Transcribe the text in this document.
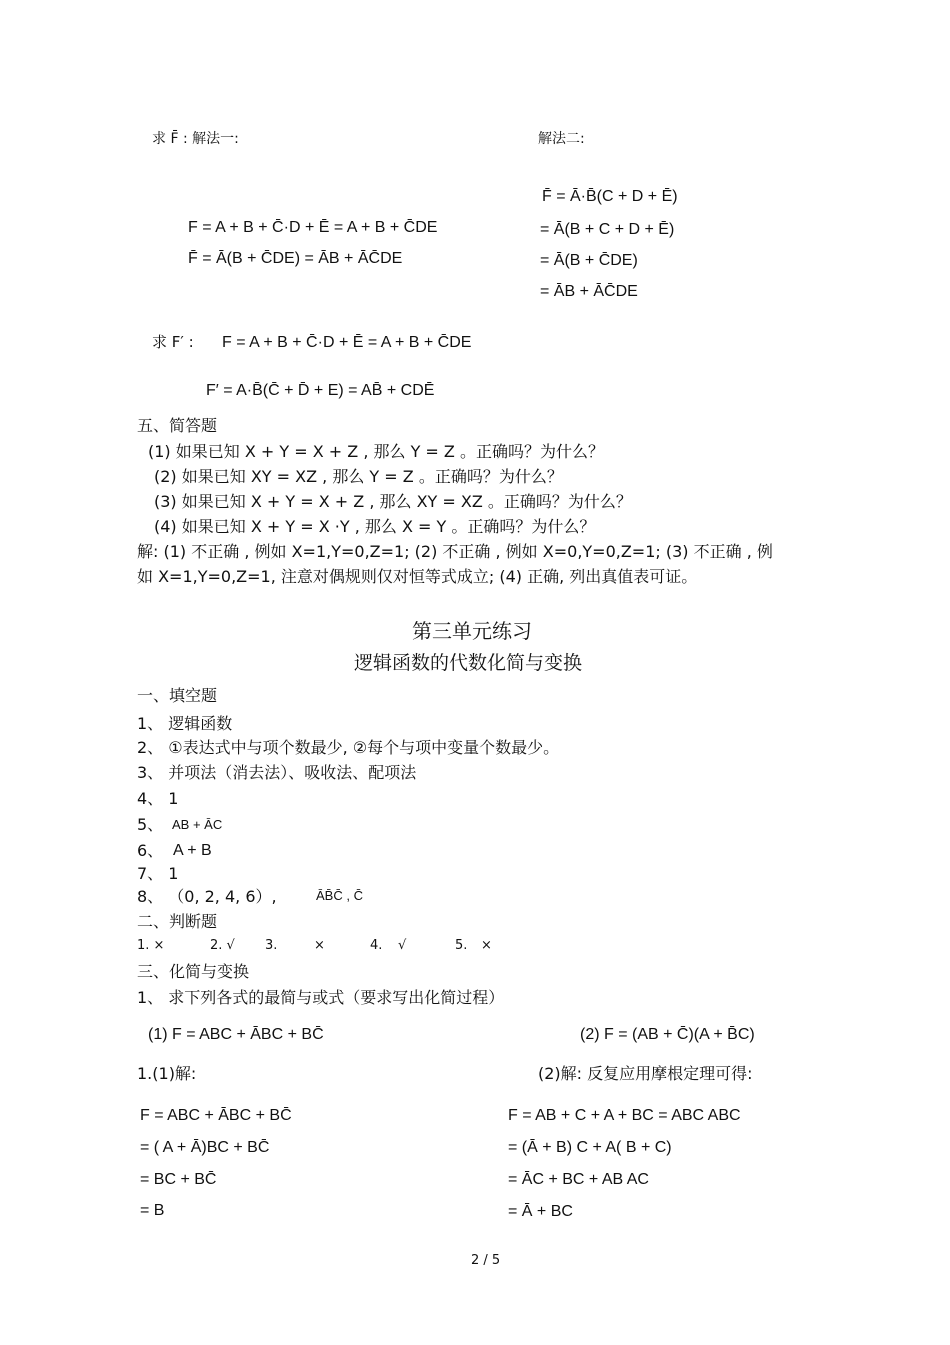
求 F̄ : 解法一:	解法二:
F = A + B + C̄·D + Ē = A + B + C̄DE
F̄ = Ā(B + C̄DE) = ĀB + ĀC̄DE
F̄ = Ā·B̄(C + D + Ē)
= Ā(B + C + D + Ē)
= Ā(B + C̄DE)
= ĀB + ĀC̄DE
求 F′ : F = A + B + C̄·D + Ē = A + B + C̄DE
F′ = A·B̄(C̄ + D̄ + E) = AB̄ + CDĒ
五、简答题
(1) 如果已知 X + Y = X + Z , 那么 Y = Z 。正确吗？为什么？
(2) 如果已知 XY = XZ , 那么 Y = Z 。正确吗？为什么？
(3) 如果已知 X + Y = X + Z , 那么 XY = XZ 。正确吗？为什么？
(4) 如果已知 X + Y = X ·Y , 那么 X = Y 。正确吗？为什么？
解: (1) 不正确 , 例如 X=1,Y=0,Z=1; (2) 不正确 , 例如 X=0,Y=0,Z=1; (3) 不正确 , 例
如 X=1,Y=0,Z=1, 注意对偶规则仅对恒等式成立; (4) 正确, 列出真值表可证。
第三单元练习
逻辑函数的代数化简与变换
一、填空题
1、 逻辑函数
2、 ①表达式中与项个数最少, ②每个与项中变量个数最少。
3、 并项法（消去法）、吸收法、配项法
4、 1
5、 AB + ĀC
6、 A + B
7、 1
8、 （0, 2, 4, 6）,	ĀB̄C̄ , C̄
二、判断题
1. ×	2. √ 3.	×	4. √	5. ×
三、化简与变换
1、 求下列各式的最简与或式（要求写出化简过程）
(1) F = ABC + ĀBC + BC̄	(2) F = (AB + C̄)(A + B̄C)
1.(1)解:	(2)解: 反复应用摩根定理可得:
F = ABC + ĀBC + BC̄
= ( A + Ā)BC + BC̄
= BC + BC̄
= B
F = AB + C + A + BC = ABC ABC
= (Ā + B) C + A( B + C)
= ĀC + BC + AB AC
= Ā + BC
2 / 5
